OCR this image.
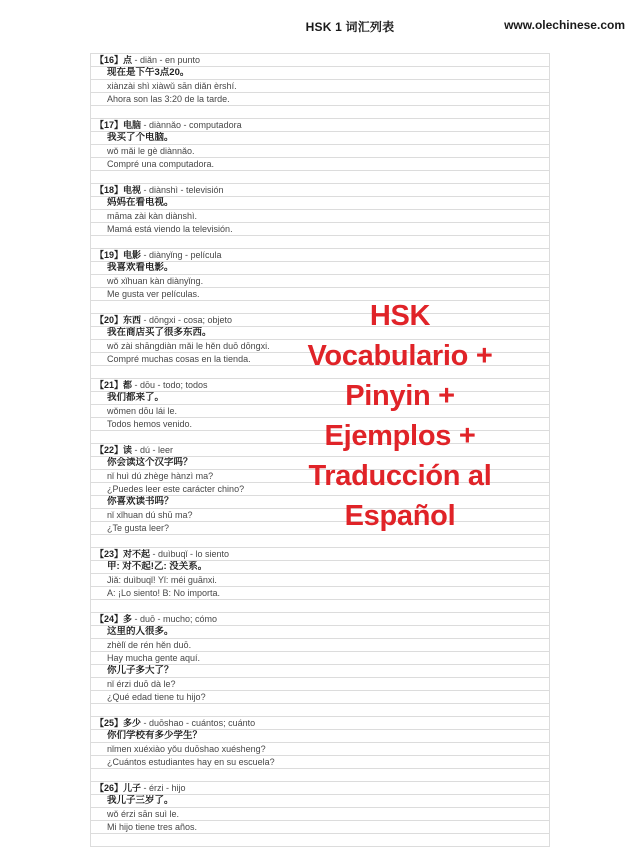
HSK 1 词汇列表	www.olechinese.com
【16】点 - diǎn - en punto
现在是下午3点20。
xiànzài shì xiàwǔ sān diǎn èrshí.
Ahora son las 3:20 de la tarde.
【17】电脑 - diànnǎo - computadora
我买了个电脑。
wǒ mǎi le gè diànnǎo.
Compré una computadora.
【18】电视 - diànshì - televisión
妈妈在看电视。
māma zài kàn diànshì.
Mamá está viendo la televisión.
【19】电影 - diànyǐng - película
我喜欢看电影。
wǒ xǐhuan kàn diànyǐng.
Me gusta ver películas.
【20】东西 - dōngxi - cosa; objeto
我在商店买了很多东西。
wǒ zài shāngdiàn mǎi le hěn duō dōngxi.
Compré muchas cosas en la tienda.
【21】都 - dōu - todo; todos
我们都来了。
wǒmen dōu lái le.
Todos hemos venido.
【22】读 - dú - leer
你会读这个汉字吗？
nǐ huì dú zhège hànzì ma?
¿Puedes leer este carácter chino?
你喜欢读书吗？
nǐ xǐhuan dú shū ma?
¿Te gusta leer?
【23】对不起 - duìbuqǐ - lo siento
甲: 对不起!乙: 没关系。
Jiǎ: duìbuqǐ! Yǐ: méi guānxi.
A: ¡Lo siento! B: No importa.
【24】多 - duō - mucho; cómo
这里的人很多。
zhèlǐ de rén hěn duō.
Hay mucha gente aquí.
你儿子多大了？
nǐ érzi duō dà le?
¿Qué edad tiene tu hijo?
【25】多少 - duōshao - cuántos; cuánto
你们学校有多少学生？
nǐmen xuéxiào yǒu duōshao xuésheng?
¿Cuántos estudiantes hay en su escuela?
【26】儿子 - érzi - hijo
我儿子三岁了。
wǒ érzi sān suì le.
Mi hijo tiene tres años.
HSK
Vocabulario +
Pinyin +
Ejemplos +
Traducción al
Español
